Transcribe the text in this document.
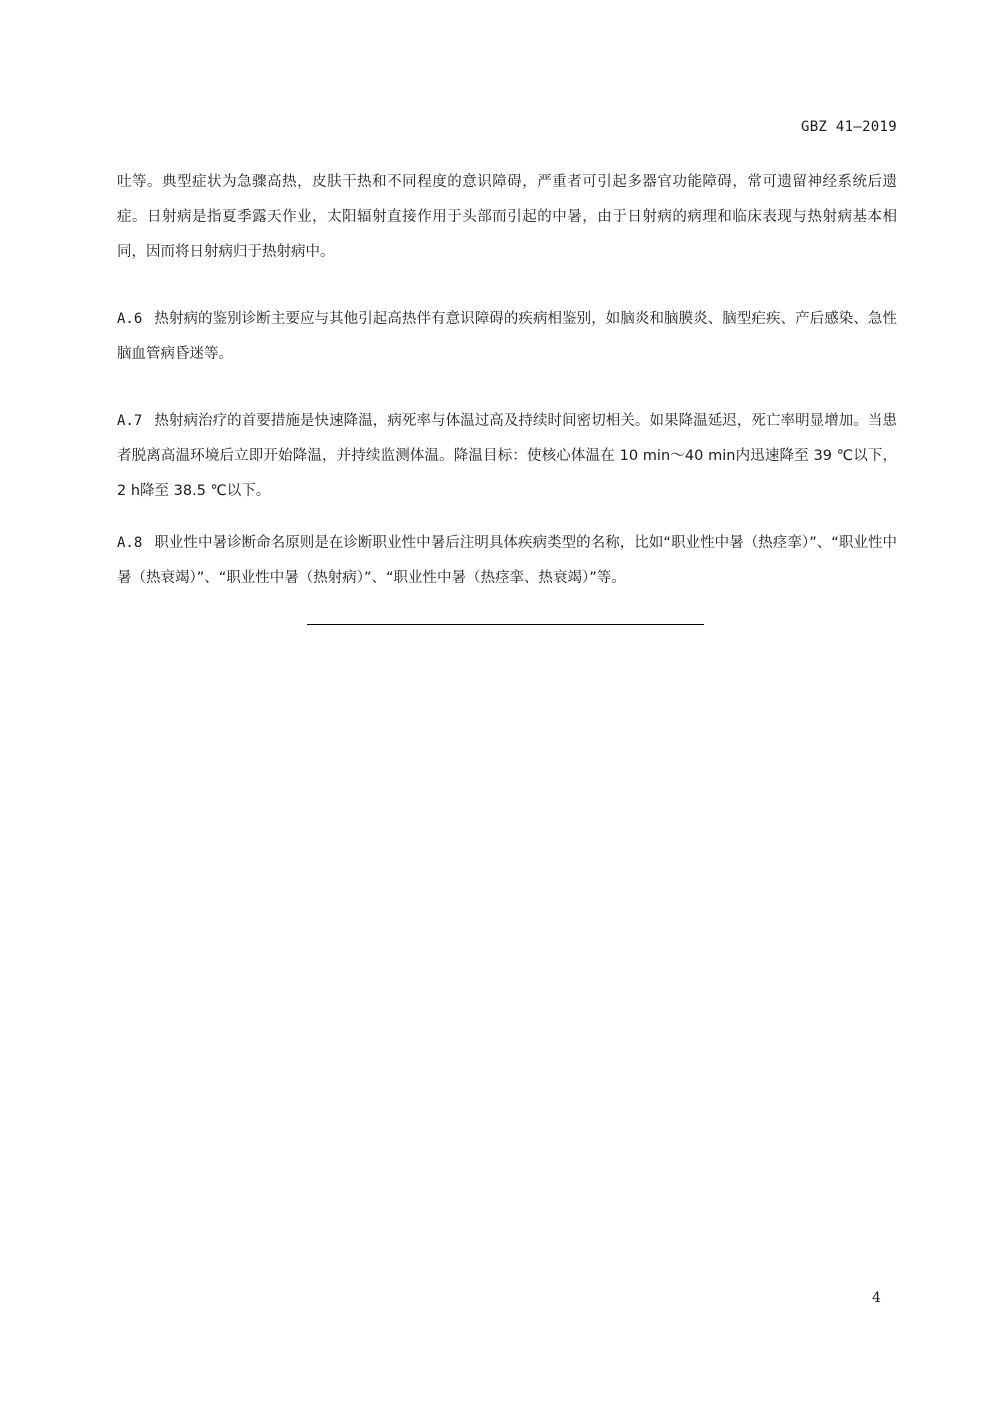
GBZ 41—2019

吐等。典型症状为急骤高热，皮肤干热和不同程度的意识障碍，严重者可引起多器官功能障碍，常可遗留神经系统后遗症。日射病是指夏季露天作业，太阳辐射直接作用于头部而引起的中暑，由于日射病的病理和临床表现与热射病基本相同，因而将日射病归于热射病中。

A.6 热射病的鉴别诊断主要应与其他引起高热伴有意识障碍的疾病相鉴别，如脑炎和脑膜炎、脑型疟疾、产后感染、急性脑血管病昏迷等。

A.7 热射病治疗的首要措施是快速降温，病死率与体温过高及持续时间密切相关。如果降温延迟，死亡率明显增加。当患者脱离高温环境后立即开始降温，并持续监测体温。降温目标：使核心体温在 10 min～40 min内迅速降至 39 ℃以下，2 h降至 38.5 ℃以下。

A.8 职业性中暑诊断命名原则是在诊断职业性中暑后注明具体疾病类型的名称，比如“职业性中暑（热痉挛）”、“职业性中暑（热衰竭）”、“职业性中暑（热射病）”、“职业性中暑（热痉挛、热衰竭）”等。

4
